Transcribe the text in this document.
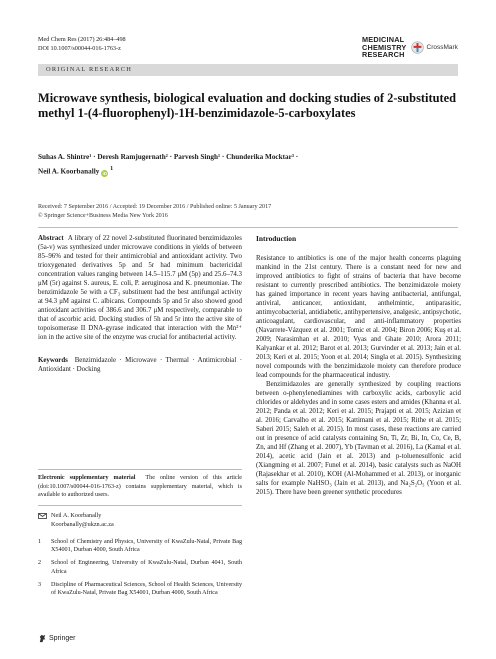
Med Chem Res (2017) 26:484–498
DOI 10.1007/s00044-016-1763-z
MEDICINAL
CHEMISTRY
RESEARCH
CrossMark
ORIGINAL RESEARCH
Microwave synthesis, biological evaluation and docking studies of 2-substituted methyl 1-(4-fluorophenyl)-1H-benzimidazole-5-carboxylates
Suhas A. Shintre¹ · Deresh Ramjugernath² · Parvesh Singh¹ · Chunderika Mocktar³ ·
Neil A. Koorbanally iD $^1$
Received: 7 September 2016 / Accepted: 19 December 2016 / Published online: 5 January 2017
© Springer Science+Business Media New York 2016

Abstract A library of 22 novel 2-substituted fluorinated benzimidazoles (5a-v) was synthesized under microwave conditions in yields of between 85–96% and tested for their antimicrobial and antioxidant activity. Two trioxygenated derivatives 5p and 5r had minimum bactericidal concentration values ranging between 14.5–115.7 μM (5p) and 25.6–74.3 μM (5r) against S. aureus, E. coli, P. aeruginosa and K. pneumoniae. The benzimidazole 5e with a CF₃ substituent had the best antifungal activity at 94.3 μM against C. albicans. Compounds 5p and 5r also showed good antioxidant activities of 386.6 and 306.7 μM respectively, comparable to that of ascorbic acid. Docking studies of 5h and 5r into the active site of topoisomerase II DNA-gyrase indicated that interaction with the Mn²⁺ ion in the active site of the enzyme was crucial for antibacterial activity.

Keywords Benzimidazole · Microwave · Thermal · Antimicrobial · Antioxidant · Docking

Electronic supplementary material The online version of this article (doi:10.1007/s00044-016-1763-z) contains supplementary material, which is available to authorized users.

Neil A. Koorbanally
Koorbanally@ukzn.ac.za
1 School of Chemistry and Physics, University of KwaZulu-Natal, Private Bag X54001, Durban 4000, South Africa
2 School of Engineering, University of KwaZulu-Natal, Durban 4041, South Africa
3 Discipline of Pharmaceutical Sciences, School of Health Sciences, University of KwaZulu-Natal, Private Bag X54001, Durban 4000, South Africa
Introduction

Resistance to antibiotics is one of the major health concerns plaguing mankind in the 21st century. There is a constant need for new and improved antibiotics to fight of strains of bacteria that have become resistant to currently prescribed antibiotics. The benzimidazole moiety has gained importance in recent years having antibacterial, antifungal, antiviral, anticancer, antioxidant, anthelmintic, antiparasitic, antimycobacterial, antidiabetic, antihypertensive, analgesic, antipsychotic, anticoagulant, cardiovascular, and anti-inflammatory properties (Navarrete-Vázquez et al. 2001; Tomic et al. 2004; Biron 2006; Kuş et al. 2009; Narasimhan et al. 2010; Vyas and Ghate 2010; Arora 2011; Kalyankar et al. 2012; Barot et al. 2013; Gurvinder et al. 2013; Jain et al. 2013; Keri et al. 2015; Yoon et al. 2014; Singla et al. 2015). Synthesizing novel compounds with the benzimidazole moiety can therefore produce lead compounds for the pharmaceutical industry.

Benzimidazoles are generally synthesized by coupling reactions between o-phenylenediamines with carboxylic acids, carboxylic acid chlorides or aldehydes and in some cases esters and amides (Khanna et al. 2012; Panda et al. 2012; Keri et al. 2015; Prajapti et al. 2015; Azizian et al. 2016; Carvalho et al. 2015; Kattimani et al. 2015; Rithe et al. 2015; Saberi 2015; Saleh et al. 2015). In most cases, these reactions are carried out in presence of acid catalysts containing Sn, Ti, Zr, Bi, In, Co, Ce, B, Zn, and Hf (Zhang et al. 2007), Yb (Tavman et al. 2016), La (Kamal et al. 2014), acetic acid (Jain et al. 2013) and p-toluenesulfonic acid (Xiangming et al. 2007; Funel et al. 2014), basic catalysts such as NaOH (Rajasekhar et al. 2010), KOH (Al-Mohammed et al. 2013), or inorganic salts for example NaHSO₃ (Jain et al. 2013), and Na₂S₂O₅ (Yoon et al. 2015). There have been greener synthetic procedures

Springer
